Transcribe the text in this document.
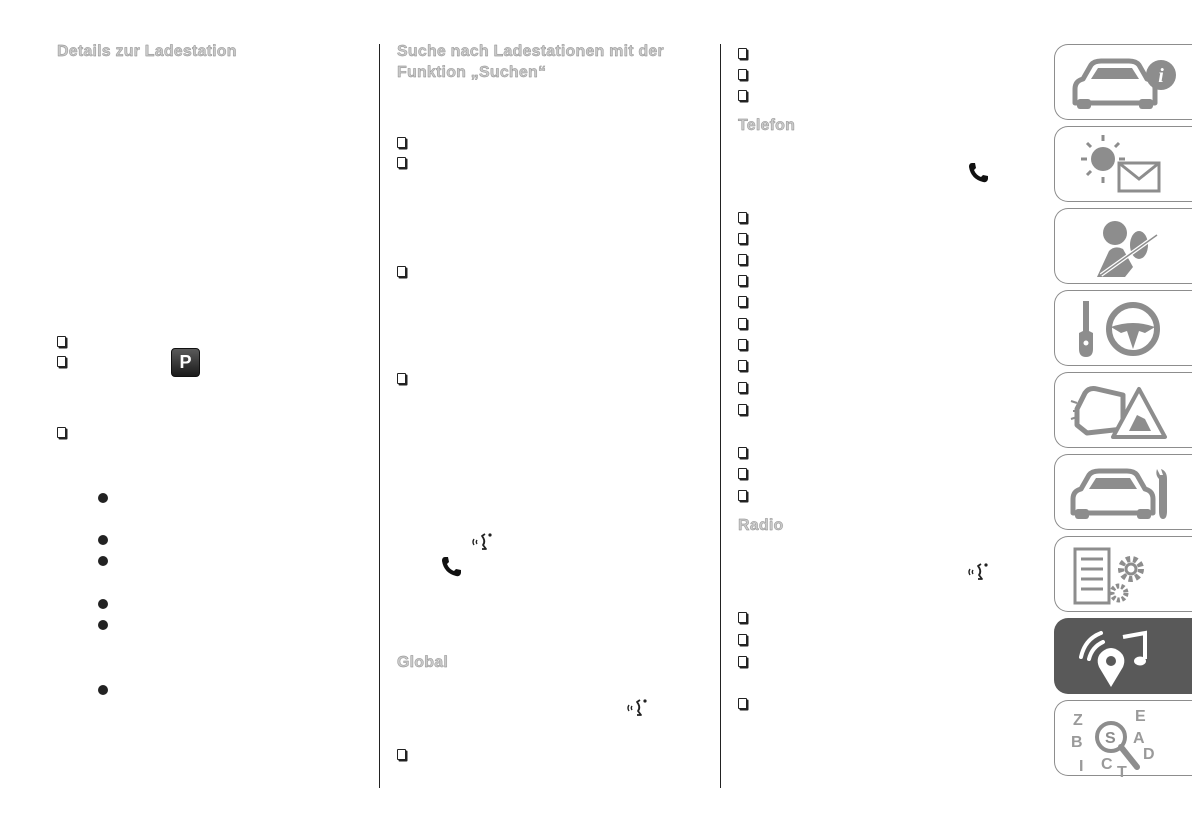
Details zur Ladestation
P
Suche nach Ladestationen mit der
Funktion „Suchen“
Global
Telefon
Radio
i
Z	E
B	A
D
I C T
S
